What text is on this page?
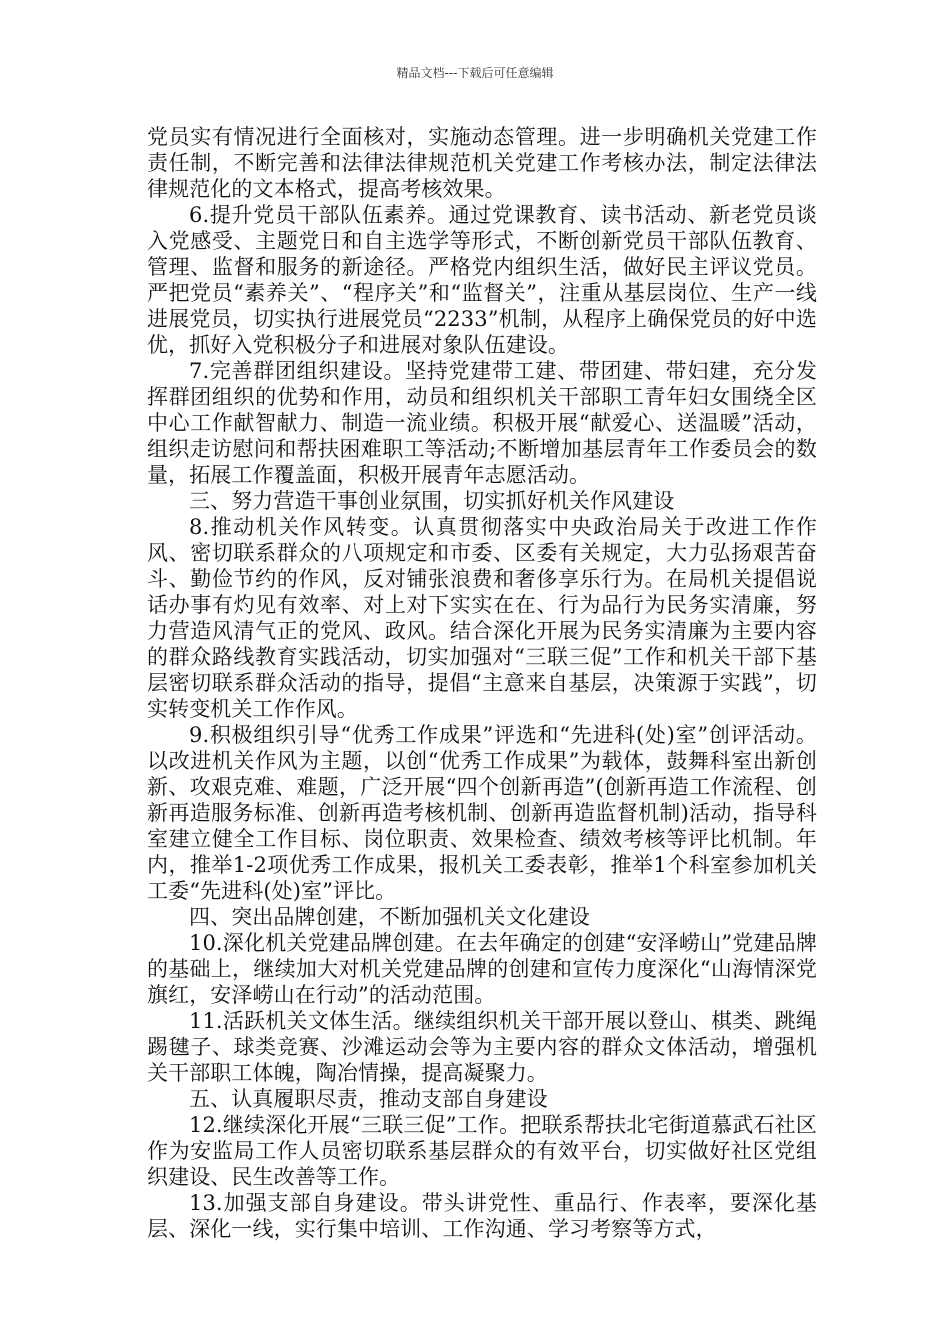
精品文档---下载后可任意编辑

党员实有情况进行全面核对，实施动态管理。进一步明确机关党建工作责任制，不断完善和法律法律规范机关党建工作考核办法，制定法律法律规范化的文本格式，提高考核效果。

6.提升党员干部队伍素养。通过党课教育、读书活动、新老党员谈入党感受、主题党日和自主选学等形式，不断创新党员干部队伍教育、管理、监督和服务的新途径。严格党内组织生活，做好民主评议党员。严把党员“素养关”、“程序关”和“监督关”，注重从基层岗位、生产一线进展党员，切实执行进展党员“2233”机制，从程序上确保党员的好中选优，抓好入党积极分子和进展对象队伍建设。

7.完善群团组织建设。坚持党建带工建、带团建、带妇建，充分发挥群团组织的优势和作用，动员和组织机关干部职工青年妇女围绕全区中心工作献智献力、制造一流业绩。积极开展“献爱心、送温暖”活动，组织走访慰问和帮扶困难职工等活动;不断增加基层青年工作委员会的数量，拓展工作覆盖面，积极开展青年志愿活动。

三、努力营造干事创业氛围，切实抓好机关作风建设

8.推动机关作风转变。认真贯彻落实中央政治局关于改进工作作风、密切联系群众的八项规定和市委、区委有关规定，大力弘扬艰苦奋斗、勤俭节约的作风，反对铺张浪费和奢侈享乐行为。在局机关提倡说话办事有灼见有效率、对上对下实实在在、行为品行为民务实清廉，努力营造风清气正的党风、政风。结合深化开展为民务实清廉为主要内容的群众路线教育实践活动，切实加强对“三联三促”工作和机关干部下基层密切联系群众活动的指导，提倡“主意来自基层，决策源于实践”，切实转变机关工作作风。

9.积极组织引导“优秀工作成果”评选和“先进科(处)室”创评活动。以改进机关作风为主题，以创“优秀工作成果”为载体，鼓舞科室出新创新、攻艰克难、难题，广泛开展“四个创新再造”(创新再造工作流程、创新再造服务标准、创新再造考核机制、创新再造监督机制)活动，指导科室建立健全工作目标、岗位职责、效果检查、绩效考核等评比机制。年内，推举1-2项优秀工作成果，报机关工委表彰，推举1个科室参加机关工委“先进科(处)室”评比。

四、突出品牌创建，不断加强机关文化建设

10.深化机关党建品牌创建。在去年确定的创建“安泽崂山”党建品牌的基础上，继续加大对机关党建品牌的创建和宣传力度深化“山海情深党旗红，安泽崂山在行动”的活动范围。

11.活跃机关文体生活。继续组织机关干部开展以登山、棋类、跳绳踢毽子、球类竞赛、沙滩运动会等为主要内容的群众文体活动，增强机关干部职工体魄，陶冶情操，提高凝聚力。

五、认真履职尽责，推动支部自身建设

12.继续深化开展“三联三促”工作。把联系帮扶北宅街道慕武石社区作为安监局工作人员密切联系基层群众的有效平台，切实做好社区党组织建设、民生改善等工作。

13.加强支部自身建设。带头讲党性、重品行、作表率，要深化基层、深化一线，实行集中培训、工作沟通、学习考察等方式，
